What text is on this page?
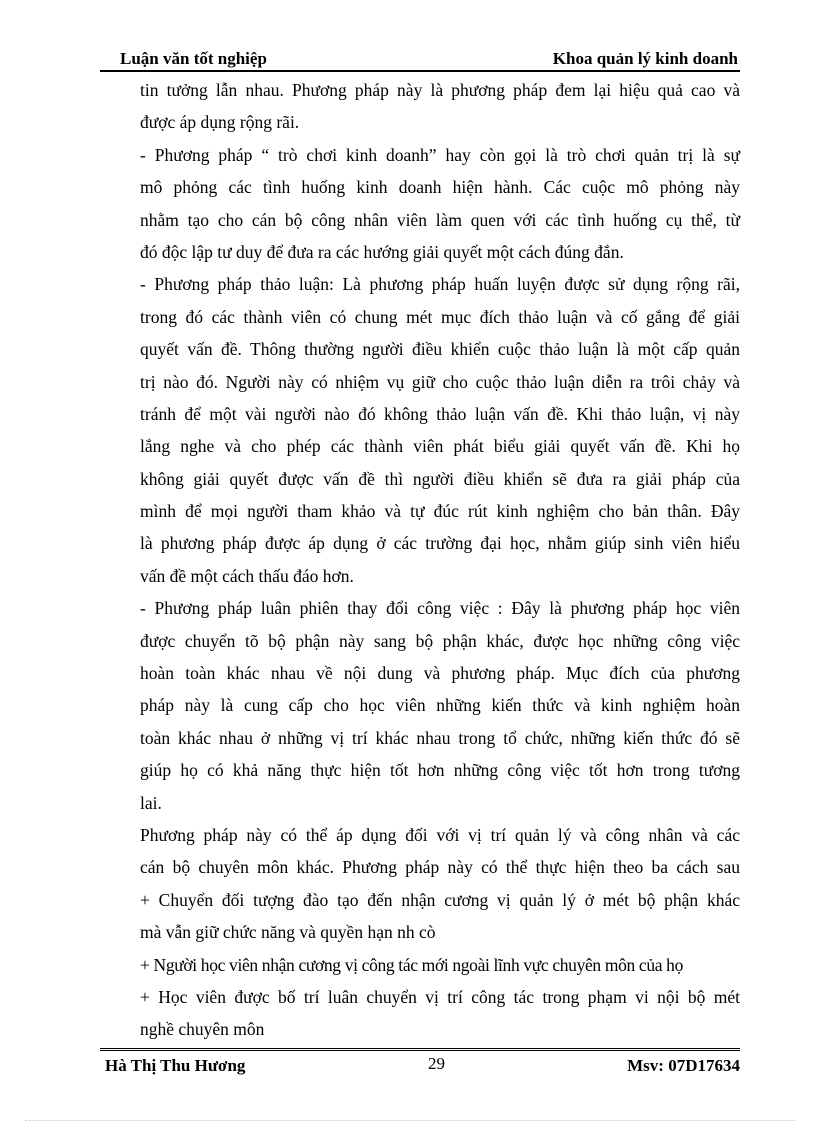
Luận văn tốt nghiệp	Khoa quản lý kinh doanh
tin tưởng lẫn nhau. Phương pháp này là phương pháp đem lại hiệu quả cao và
được áp dụng rộng rãi.
- Phương pháp “ trò chơi kinh doanh” hay còn gọi là trò chơi quản trị là sự
mô phỏng các tình huống kinh doanh hiện hành. Các cuộc mô phỏng này
nhằm tạo cho cán bộ công nhân viên làm quen với các tình huống cụ thể, từ
đó độc lập tư duy để đưa ra các hướng giải quyết một cách đúng đắn.
- Phương pháp thảo luận: Là phương pháp huấn luyện được sử dụng rộng rãi,
trong đó các thành viên có chung mét mục đích thảo luận và cố gắng để giải
quyết vấn đề. Thông thường người điều khiển cuộc thảo luận là một cấp quản
trị nào đó. Người này có nhiệm vụ giữ cho cuộc thảo luận diễn ra trôi chảy và
tránh để một vài người nào đó không thảo luận vấn đề. Khi thảo luận, vị này
lắng nghe và cho phép các thành viên phát biểu giải quyết vấn đề. Khi họ
không giải quyết được vấn đề thì người điều khiển sẽ đưa ra giải pháp của
mình để mọi người tham khảo và tự đúc rút kinh nghiệm cho bản thân. Đây
là phương pháp được áp dụng ở các trường đại học, nhằm giúp sinh viên hiểu
vấn đề một cách thấu đáo hơn.
- Phương pháp luân phiên thay đổi công việc : Đây là phương pháp học viên
được chuyển tõ bộ phận này sang bộ phận khác, được học những công việc
hoàn toàn khác nhau về nội dung và phương pháp. Mục đích của phương
pháp này là cung cấp cho học viên những kiến thức và kinh nghiệm hoàn
toàn khác nhau ở những vị trí khác nhau trong tổ chức, những kiến thức đó sẽ
giúp họ có khả năng thực hiện tốt hơn những công việc tốt hơn trong tương
lai.
Phương pháp này có thể áp dụng đối với vị trí quản lý và công nhân và các
cán bộ chuyên môn khác. Phương pháp này có thể thực hiện theo ba cách sau
+ Chuyển đối tượng đào tạo đến nhận cương vị quản lý ở mét bộ phận khác
mà vẫn giữ chức năng và quyền hạn nh cò
+ Người học viên nhận cương vị công tác mới ngoài lĩnh vực chuyên môn của họ
+ Học viên được bố trí luân chuyển vị trí công tác trong phạm vi nội bộ mét
nghề chuyên môn
Hà Thị Thu Hương	29	Msv: 07D17634
